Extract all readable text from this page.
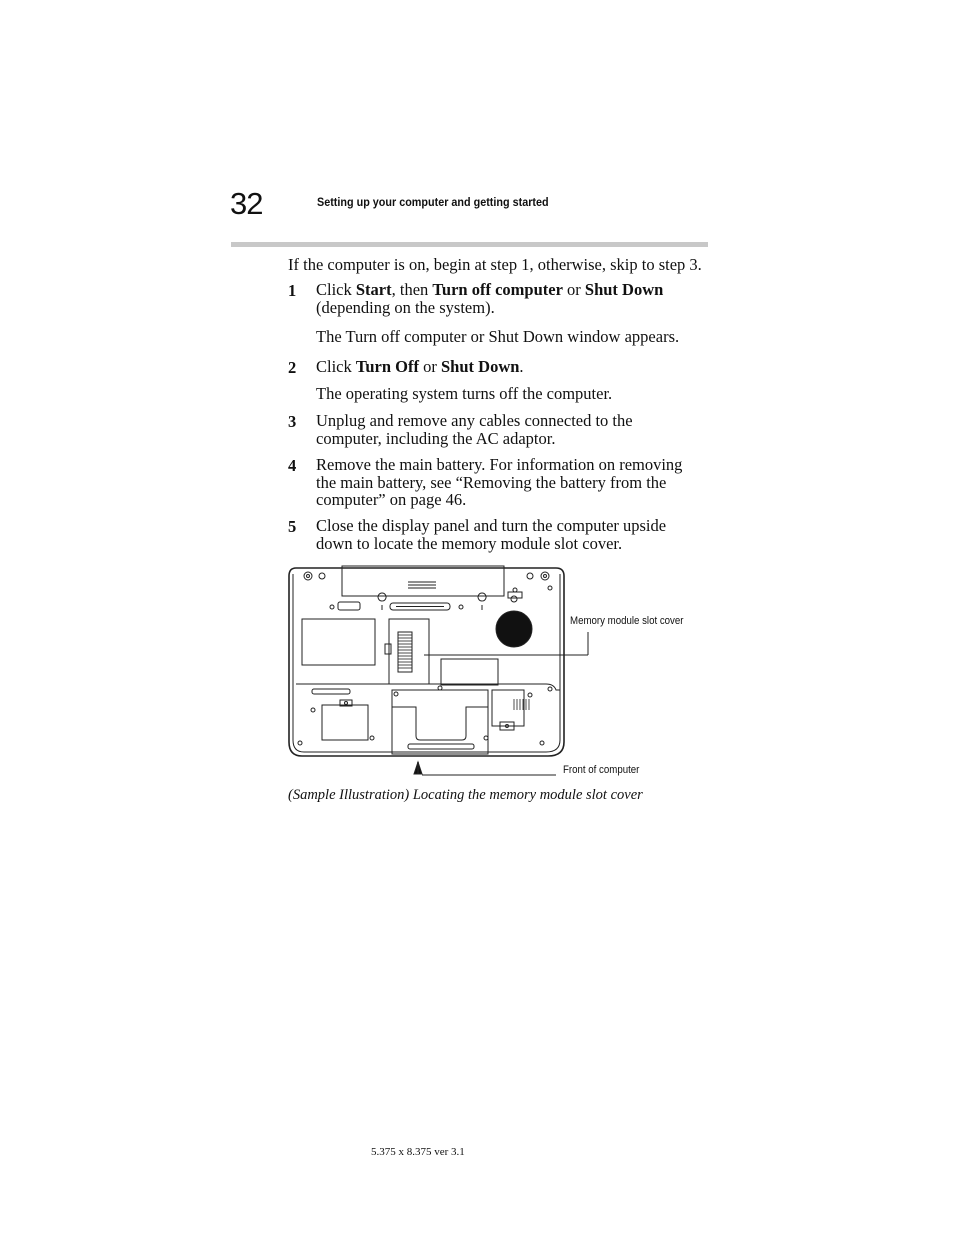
32	Setting up your computer and getting started
If the computer is on, begin at step 1, otherwise, skip to step 3.
1 Click Start, then Turn off computer or Shut Down
(depending on the system).
The Turn off computer or Shut Down window appears.
2 Click Turn Off or Shut Down.
The operating system turns off the computer.
3 Unplug and remove any cables connected to the computer, including the AC adaptor.
4 Remove the main battery. For information on removing the main battery, see “Removing the battery from the computer” on page 46.
5 Close the display panel and turn the computer upside down to locate the memory module slot cover.
Memory module slot cover
Front of computer
(Sample Illustration) Locating the memory module slot cover
5.375 x 8.375 ver 3.1
